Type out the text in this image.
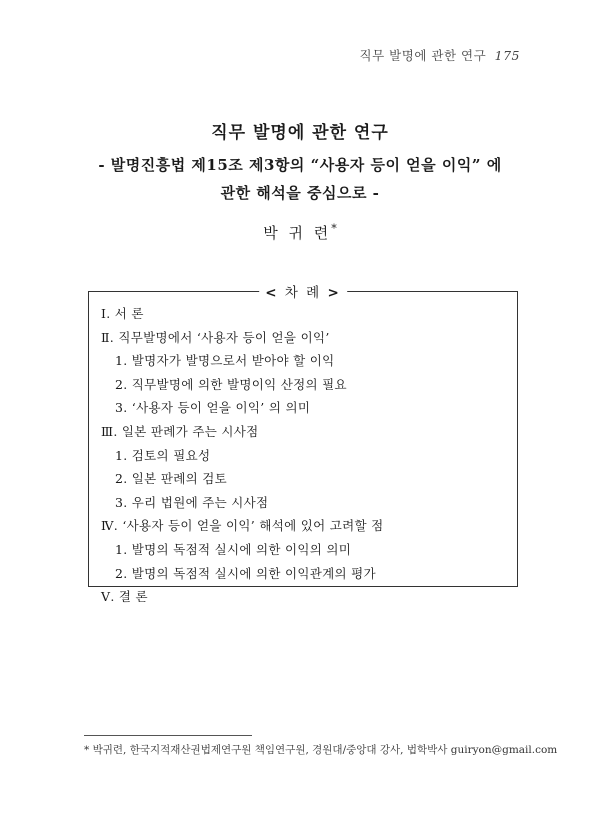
직무 발명에 관한 연구 175
직무 발명에 관한 연구
- 발명진흥법 제15조 제3항의 “사용자 등이 얻을 이익” 에
관한 해석을 중심으로 -
박 귀 련*
< 차 례 >
Ⅰ. 서 론
Ⅱ. 직무발명에서 ‘사용자 등이 얻을 이익’
1. 발명자가 발명으로서 받아야 할 이익
2. 직무발명에 의한 발명이익 산정의 필요
3. ‘사용자 등이 얻을 이익’ 의 의미
Ⅲ. 일본 판례가 주는 시사점
1. 검토의 필요성
2. 일본 판례의 검토
3. 우리 법원에 주는 시사점
Ⅳ. ‘사용자 등이 얻을 이익’ 해석에 있어 고려할 점
1. 발명의 독점적 실시에 의한 이익의 의미
2. 발명의 독점적 실시에 의한 이익관계의 평가
Ⅴ. 결 론
* 박귀련, 한국지적재산권법제연구원 책임연구원, 경원대/중앙대 강사, 법학박사 guiryon@gmail.com
